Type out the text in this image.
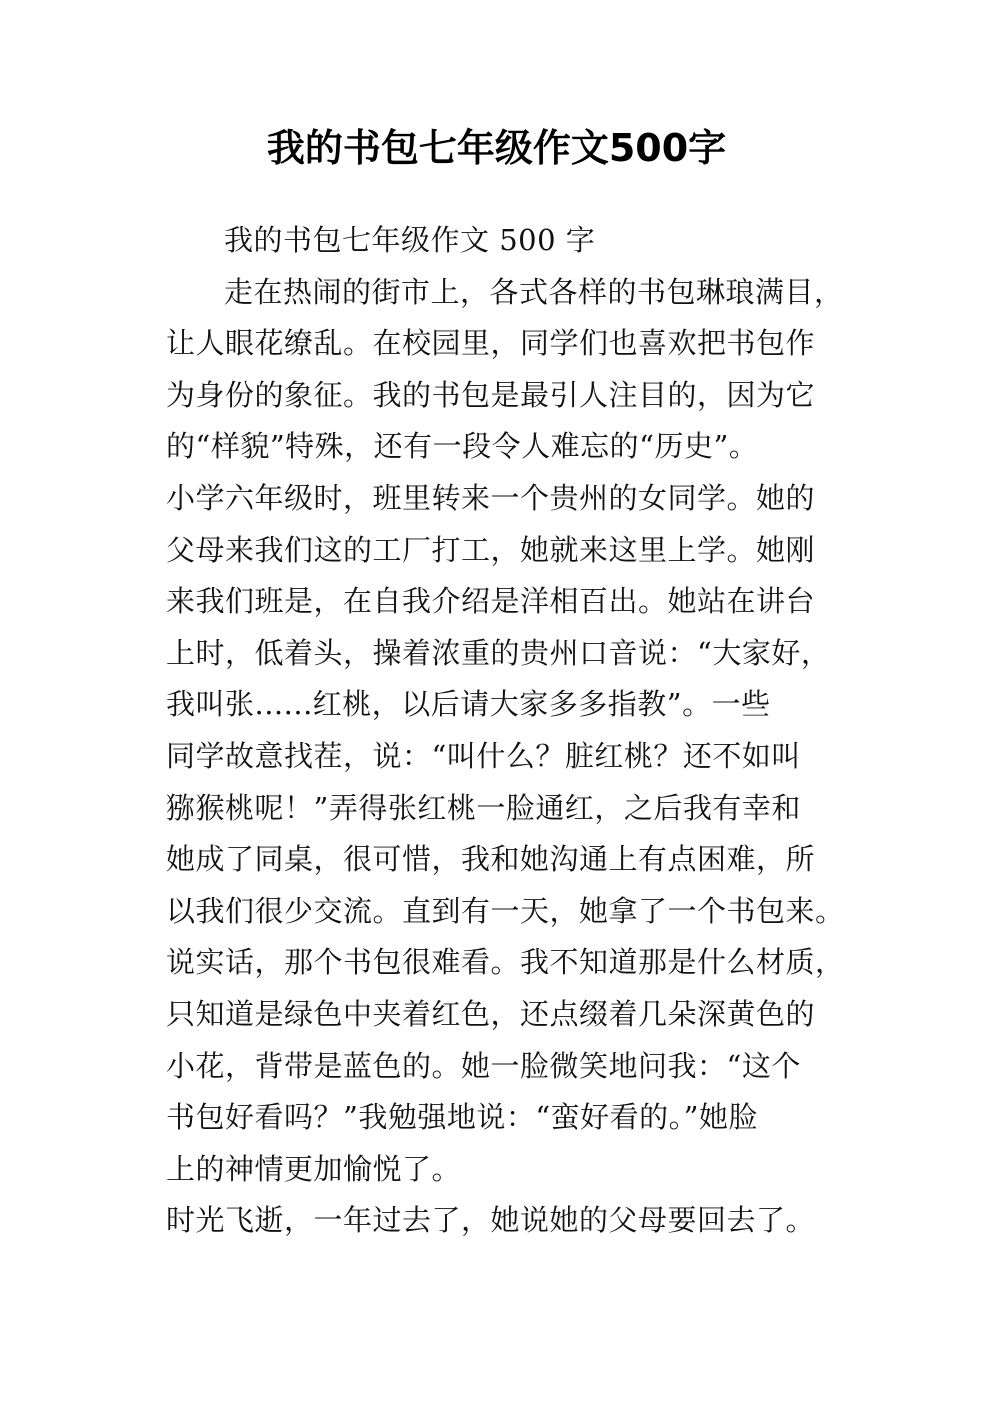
我的书包七年级作文500字
我的书包七年级作文 500 字
走在热闹的街市上，各式各样的书包琳琅满目，
让人眼花缭乱。在校园里，同学们也喜欢把书包作
为身份的象征。我的书包是最引人注目的，因为它
的“样貌”特殊，还有一段令人难忘的“历史”。
小学六年级时，班里转来一个贵州的女同学。她的
父母来我们这的工厂打工，她就来这里上学。她刚
来我们班是，在自我介绍是洋相百出。她站在讲台
上时，低着头，操着浓重的贵州口音说：“大家好，
我叫张......红桃，以后请大家多多指教”。一些
同学故意找茬，说：“叫什么？脏红桃？还不如叫
猕猴桃呢！”弄得张红桃一脸通红，之后我有幸和
她成了同桌，很可惜，我和她沟通上有点困难，所
以我们很少交流。直到有一天，她拿了一个书包来。
说实话，那个书包很难看。我不知道那是什么材质，
只知道是绿色中夹着红色，还点缀着几朵深黄色的
小花，背带是蓝色的。她一脸微笑地问我：“这个
书包好看吗？”我勉强地说：“蛮好看的。”她脸
上的神情更加愉悦了。
时光飞逝，一年过去了，她说她的父母要回去了。
